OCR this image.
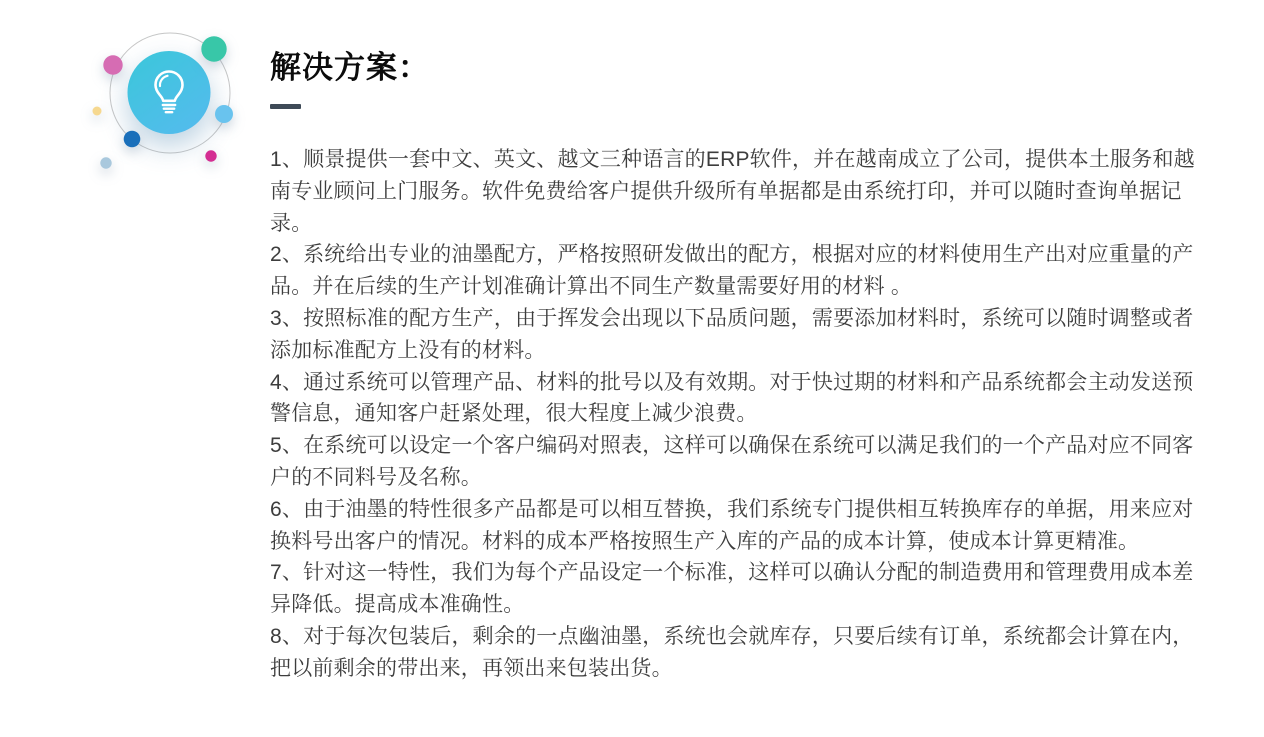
解决方案：

1、顺景提供一套中文、英文、越文三种语言的ERP软件，并在越南成立了公司，提供本土服务和越南专业顾问上门服务。软件免费给客户提供升级所有单据都是由系统打印，并可以随时查询单据记录。

2、系统给出专业的油墨配方，严格按照研发做出的配方，根据对应的材料使用生产出对应重量的产品。并在后续的生产计划准确计算出不同生产数量需要好用的材料 。

3、按照标准的配方生产，由于挥发会出现以下品质问题，需要添加材料时，系统可以随时调整或者添加标准配方上没有的材料。

4、通过系统可以管理产品、材料的批号以及有效期。对于快过期的材料和产品系统都会主动发送预警信息，通知客户赶紧处理，很大程度上减少浪费。

5、在系统可以设定一个客户编码对照表，这样可以确保在系统可以满足我们的一个产品对应不同客户的不同料号及名称。

6、由于油墨的特性很多产品都是可以相互替换，我们系统专门提供相互转换库存的单据，用来应对换料号出客户的情况。材料的成本严格按照生产入库的产品的成本计算，使成本计算更精准。

7、针对这一特性，我们为每个产品设定一个标准，这样可以确认分配的制造费用和管理费用成本差异降低。提高成本准确性。

8、对于每次包装后，剩余的一点幽油墨，系统也会就库存，只要后续有订单，系统都会计算在内，把以前剩余的带出来，再领出来包装出货。
